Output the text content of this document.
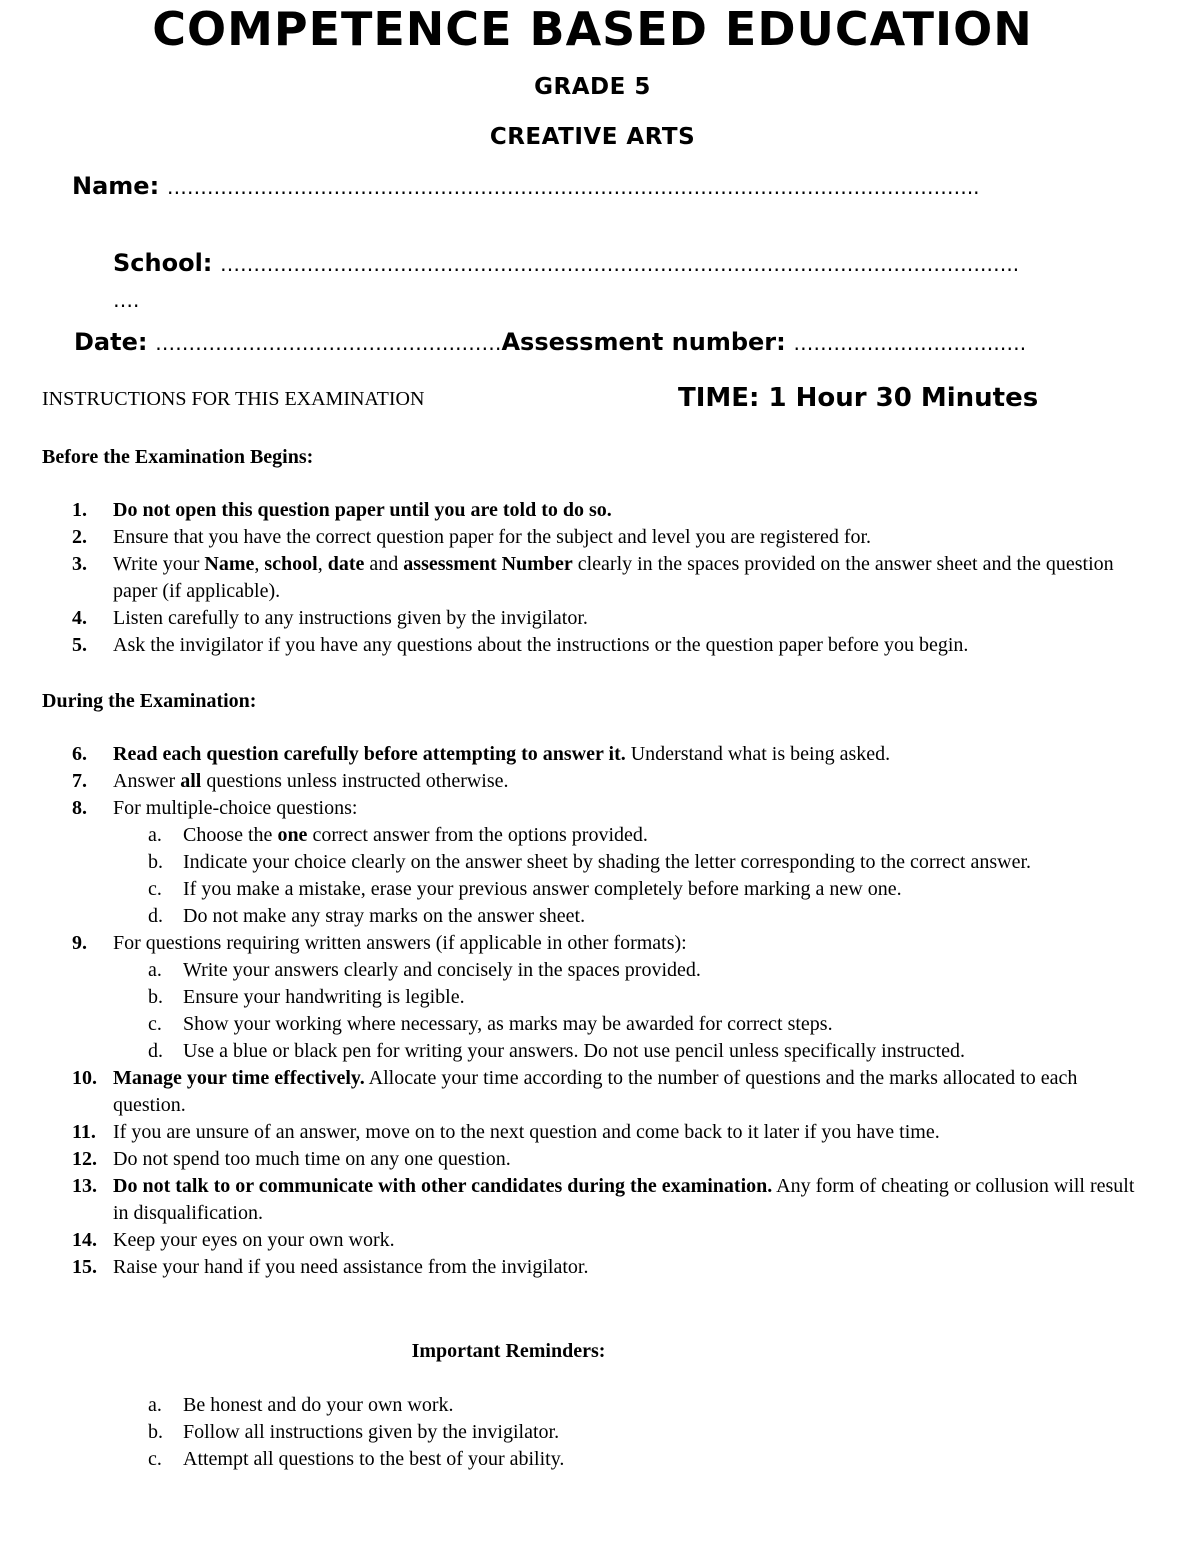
COMPETENCE BASED EDUCATION
GRADE 5
CREATIVE ARTS
Name: …………………………………………………………………………………………………………..
School: …………………………………………………………………………………………………….…..
….
Date: ……………………………………….……Assessment number: ………………………….….
INSTRUCTIONS FOR THIS EXAMINATION	TIME: 1 Hour 30 Minutes
Before the Examination Begins:
1.	Do not open this question paper until you are told to do so.
2.	Ensure that you have the correct question paper for the subject and level you are registered for.
3.	Write your Name, school, date and assessment Number clearly in the spaces provided on the answer sheet and the question paper (if applicable).
4.	Listen carefully to any instructions given by the invigilator.
5.	Ask the invigilator if you have any questions about the instructions or the question paper before you begin.
During the Examination:
6.	Read each question carefully before attempting to answer it. Understand what is being asked.
7.	Answer all questions unless instructed otherwise.
8.	For multiple-choice questions:
a.	Choose the one correct answer from the options provided.
b.	Indicate your choice clearly on the answer sheet by shading the letter corresponding to the correct answer.
c.	If you make a mistake, erase your previous answer completely before marking a new one.
d.	Do not make any stray marks on the answer sheet.
9.	For questions requiring written answers (if applicable in other formats):
a.	Write your answers clearly and concisely in the spaces provided.
b.	Ensure your handwriting is legible.
c.	Show your working where necessary, as marks may be awarded for correct steps.
d.	Use a blue or black pen for writing your answers. Do not use pencil unless specifically instructed.
10. Manage your time effectively. Allocate your time according to the number of questions and the marks allocated to each question.
11. If you are unsure of an answer, move on to the next question and come back to it later if you have time.
12. Do not spend too much time on any one question.
13. Do not talk to or communicate with other candidates during the examination. Any form of cheating or collusion will result in disqualification.
14. Keep your eyes on your own work.
15. Raise your hand if you need assistance from the invigilator.
Important Reminders:
a.	Be honest and do your own work.
b.	Follow all instructions given by the invigilator.
c.	Attempt all questions to the best of your ability.
